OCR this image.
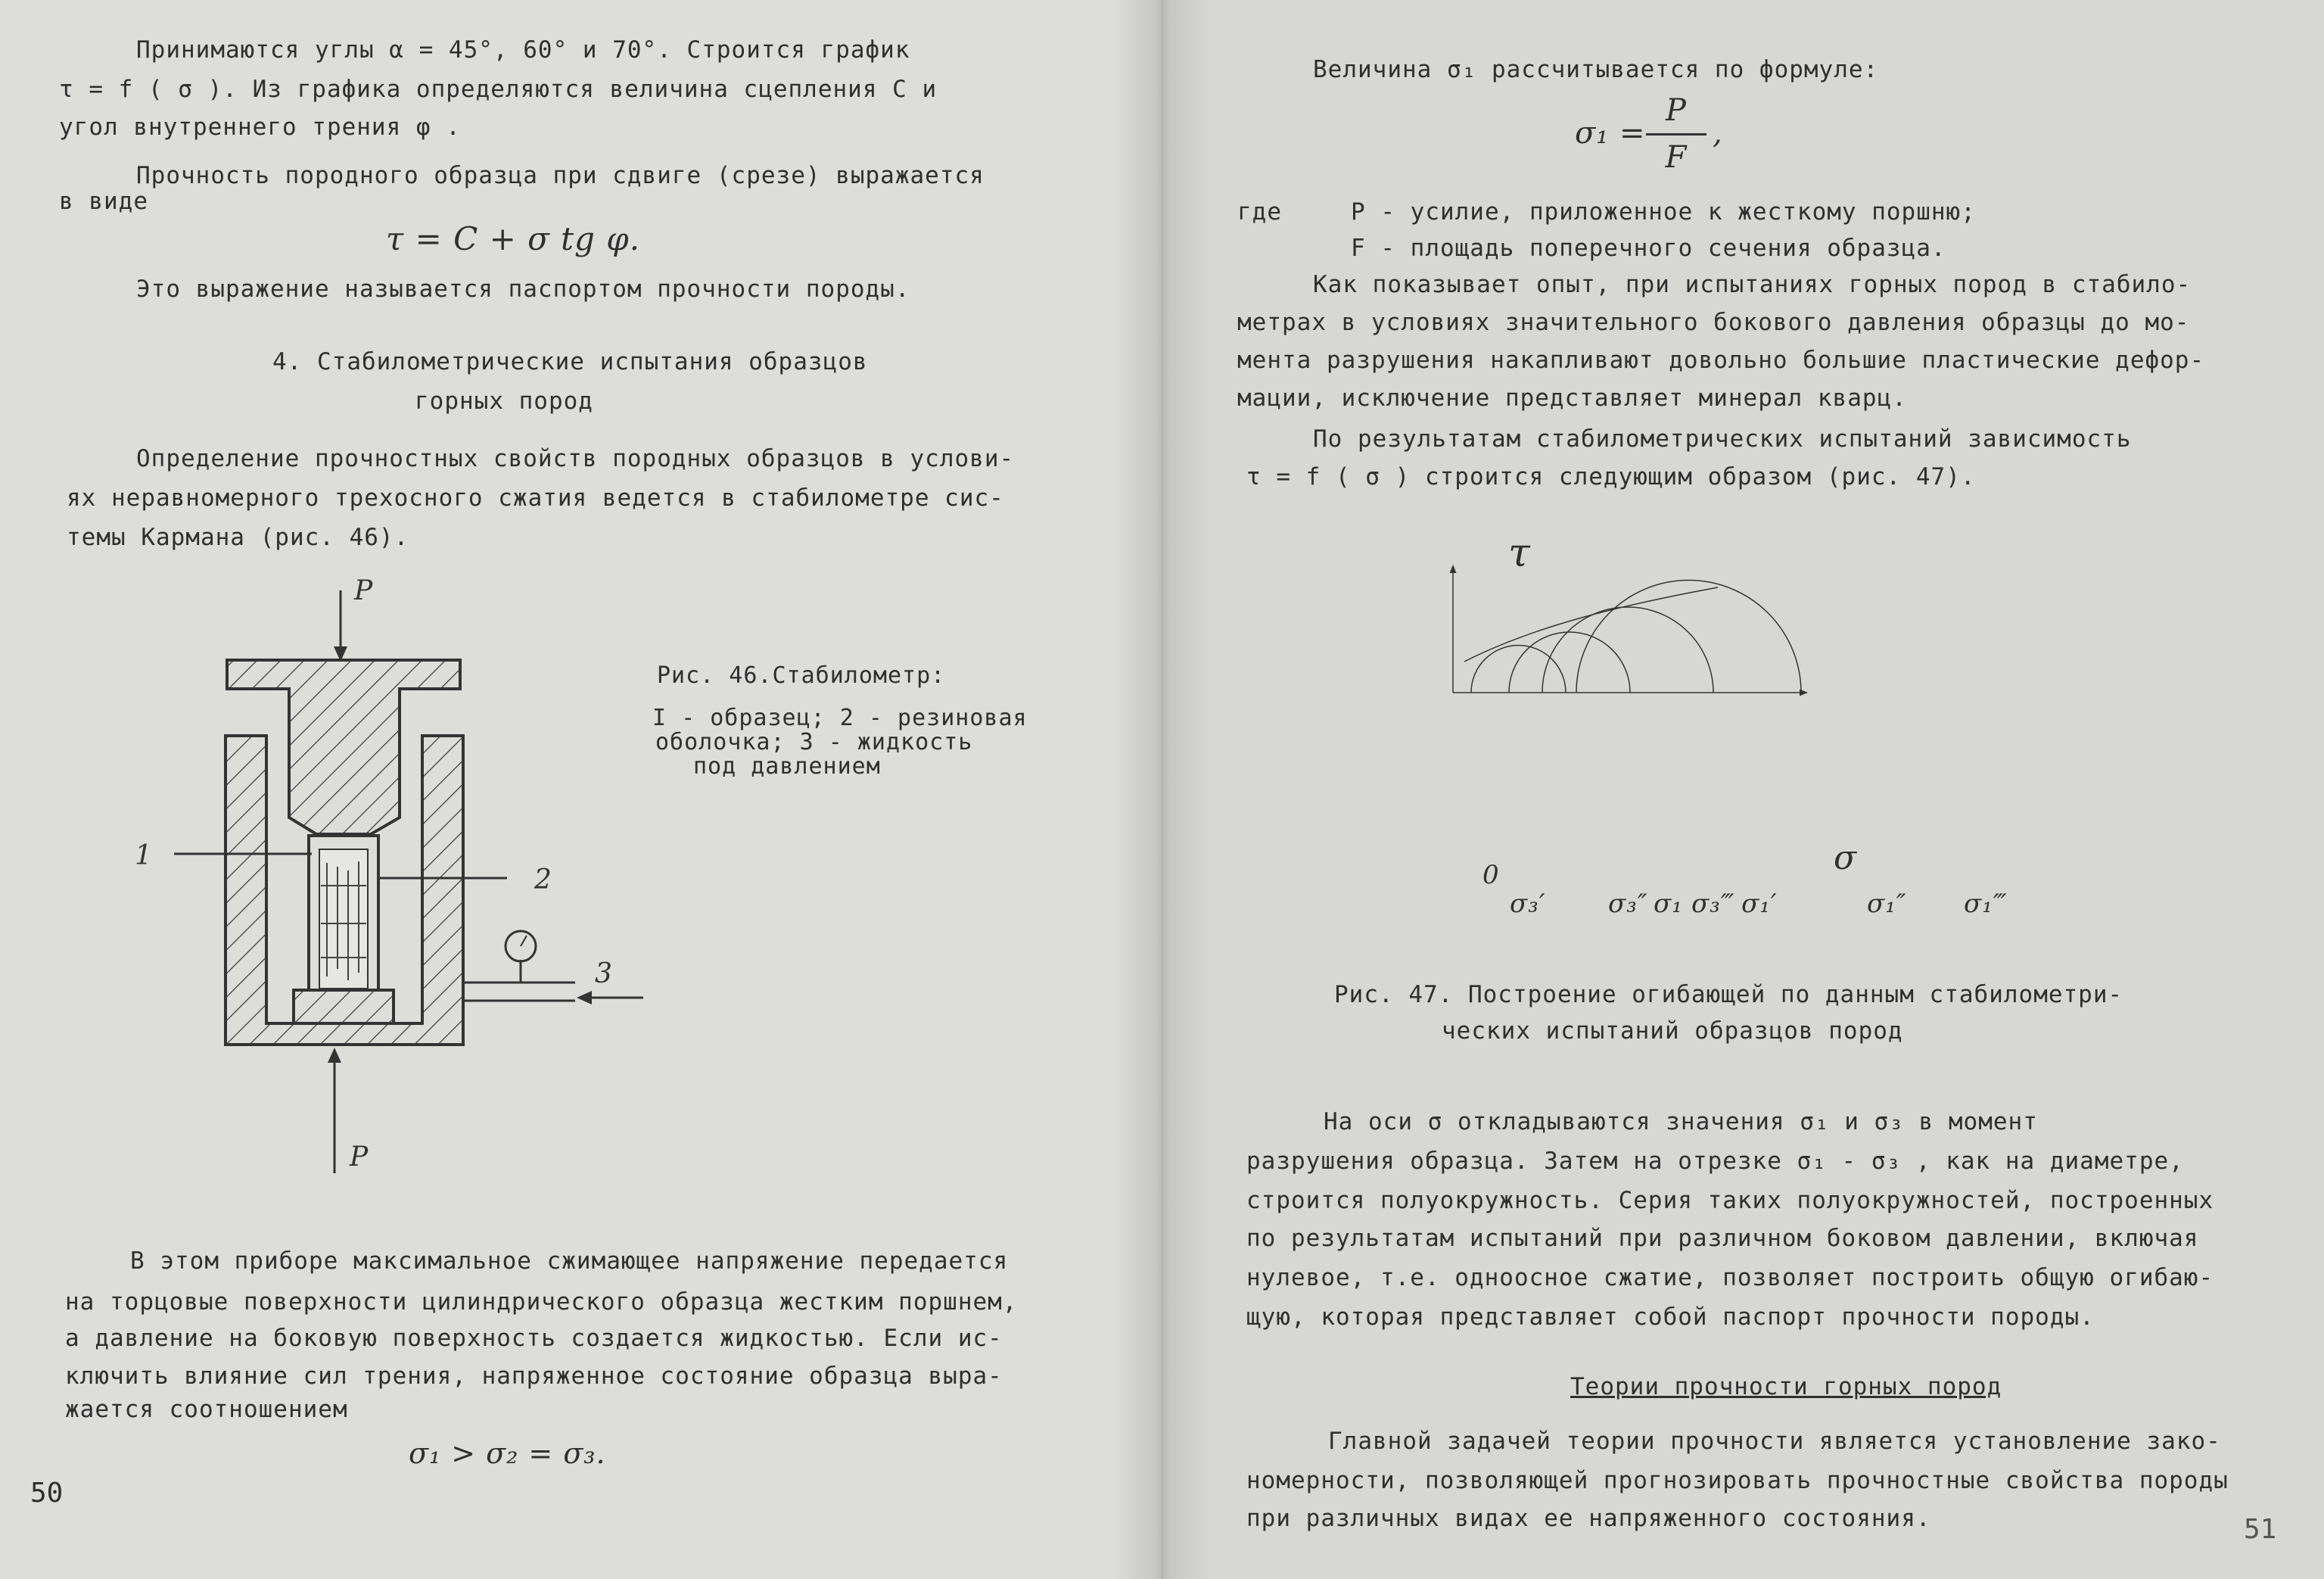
Принимаются углы α = 45°, 60° и 70°. Строится график
τ = f ( σ ). Из графика определяются величина сцепления C и
угол внутреннего трения φ .
Прочность породного образца при сдвиге (срезе) выражается
в виде
τ = C + σ tg φ.
Это выражение называется паспортом прочности породы.
4. Стабилометрические испытания образцов
горных пород
Определение прочностных свойств породных образцов в услови-
ях неравномерного трехосного сжатия ведется в стабилометре сис-
темы Кармана (рис. 46).
P
1
2
3
P
Рис. 46.Стабилометр:
I - образец; 2 - резиновая
оболочка; 3 - жидкость
под давлением
В этом приборе максимальное сжимающее напряжение передается
на торцовые поверхности цилиндрического образца жестким поршнем,
а давление на боковую поверхность создается жидкостью. Если ис-
ключить влияние сил трения, напряженное состояние образца выра-
жается соотношением
σ₁ > σ₂ = σ₃.
50
Величина σ₁ рассчитывается по формуле:
σ₁ =
P
F
,
где	P - усилие, приложенное к жесткому поршню;
F - площадь поперечного сечения образца.
Как показывает опыт, при испытаниях горных пород в стабило-
метрах в условиях значительного бокового давления образцы до мо-
мента разрушения накапливают довольно большие пластические дефор-
мации, исключение представляет минерал кварц.
По результатам стабилометрических испытаний зависимость
τ = f ( σ ) строится следующим образом (рис. 47).
τ
σ
0
σ₃′ σ₃″ σ₁ σ₃‴ σ₁′	σ₁″ σ₁‴
Рис. 47. Построение огибающей по данным стабилометри-
ческих испытаний образцов пород
На оси σ откладываются значения σ₁ и σ₃ в момент
разрушения образца. Затем на отрезке σ₁ - σ₃ , как на диаметре,
строится полуокружность. Серия таких полуокружностей, построенных
по результатам испытаний при различном боковом давлении, включая
нулевое, т.е. одноосное сжатие, позволяет построить общую огибаю-
щую, которая представляет собой паспорт прочности породы.
Теории прочности горных пород
Главной задачей теории прочности является установление зако-
номерности, позволяющей прогнозировать прочностные свойства породы
при различных видах ее напряженного состояния.	51
